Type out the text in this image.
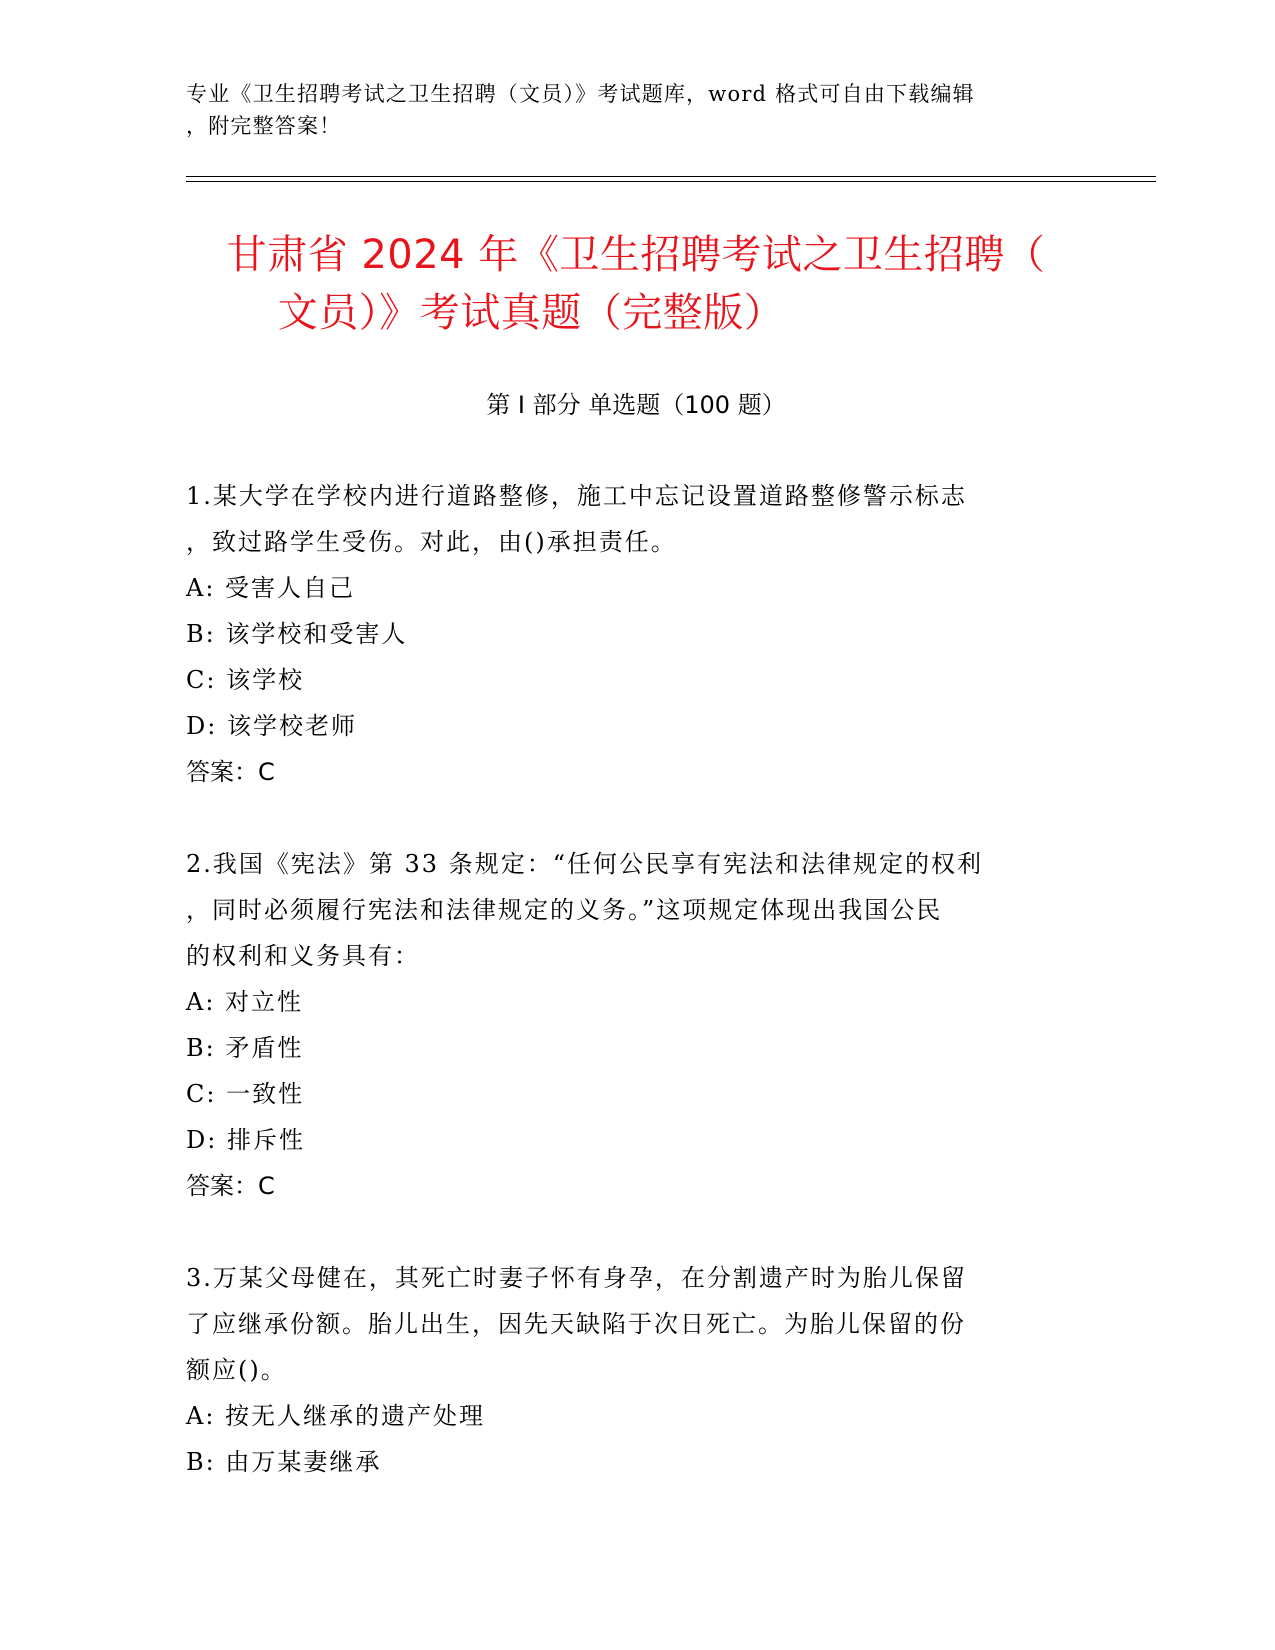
专业《卫生招聘考试之卫生招聘（文员）》考试题库，word 格式可自由下载编辑
，附完整答案！
甘肃省 2024 年《卫生招聘考试之卫生招聘（
文员）》考试真题（完整版）
第 I 部分 单选题（100 题）

1.某大学在学校内进行道路整修，施工中忘记设置道路整修警示标志

，致过路学生受伤。对此，由()承担责任。

A: 受害人自己

B: 该学校和受害人

C: 该学校

D: 该学校老师

答案：C

2.我国《宪法》第 33 条规定：“任何公民享有宪法和法律规定的权利

，同时必须履行宪法和法律规定的义务。”这项规定体现出我国公民

的权利和义务具有：

A: 对立性

B: 矛盾性

C: 一致性

D: 排斥性

答案：C

3.万某父母健在，其死亡时妻子怀有身孕，在分割遗产时为胎儿保留

了应继承份额。胎儿出生，因先天缺陷于次日死亡。为胎儿保留的份

额应()。

A: 按无人继承的遗产处理

B: 由万某妻继承
